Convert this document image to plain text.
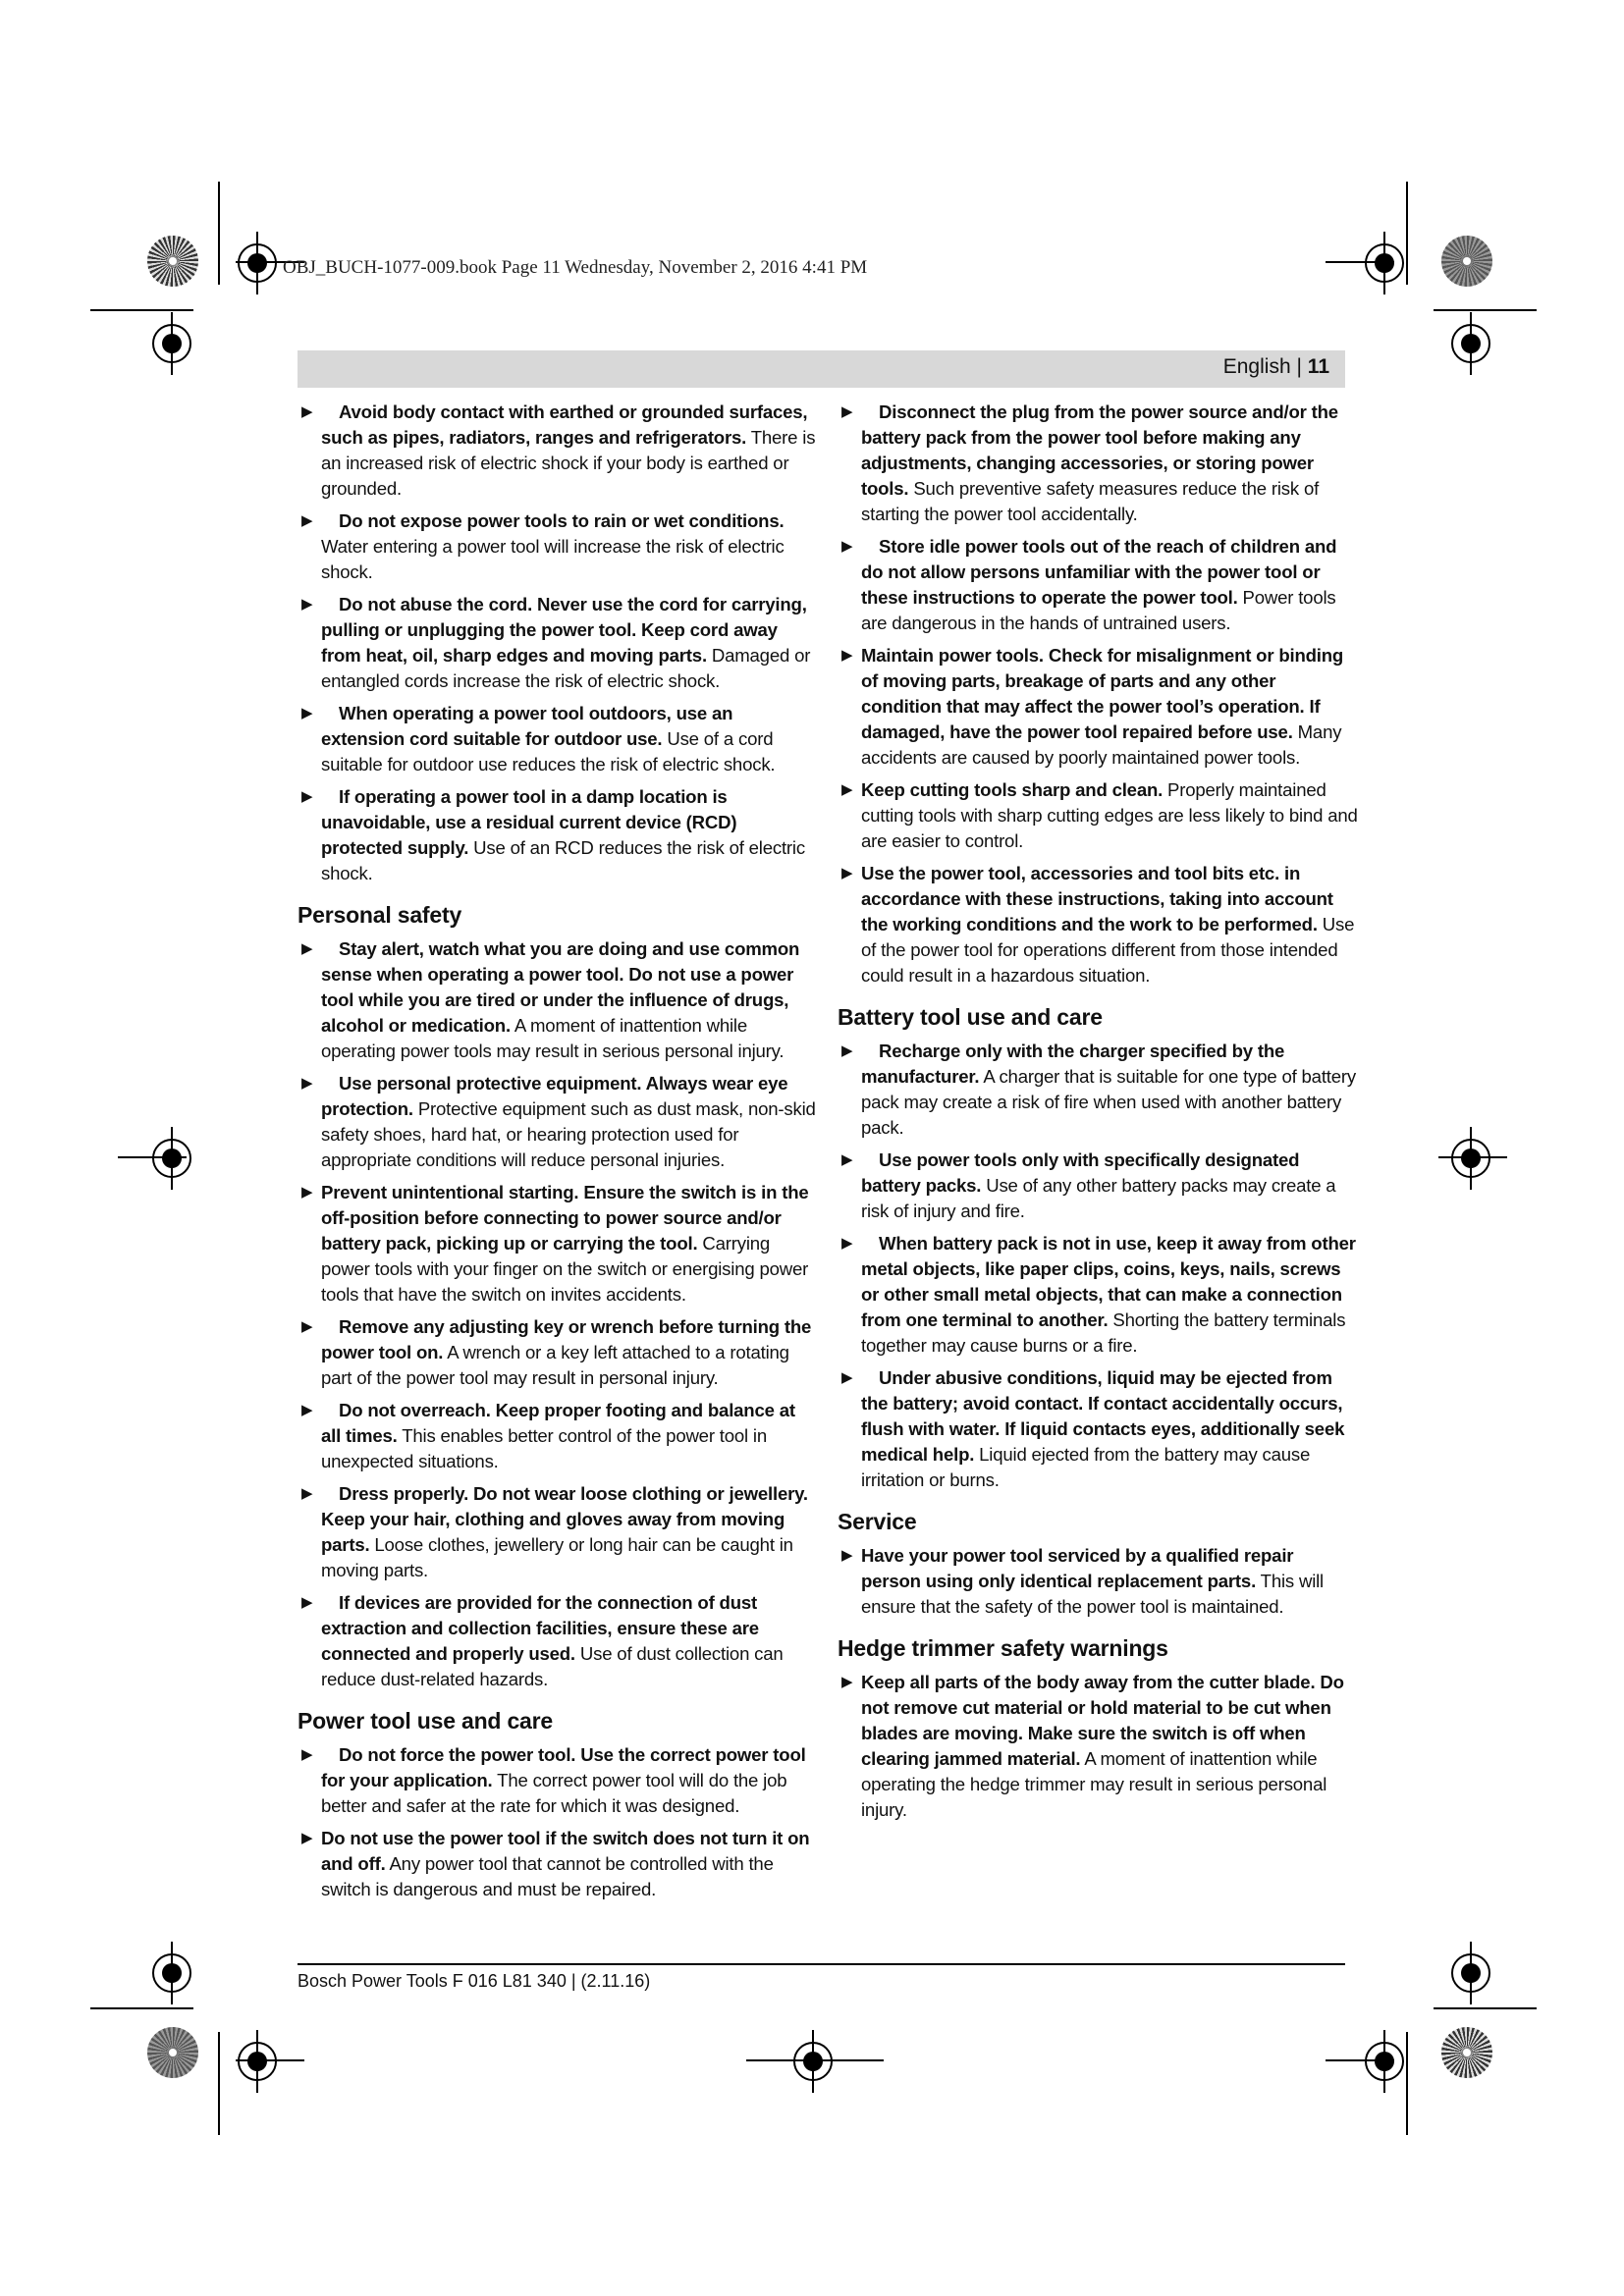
OBJ_BUCH-1077-009.book Page 11 Wednesday, November 2, 2016 4:41 PM
English | 11
▶ Avoid body contact with earthed or grounded surfaces, such as pipes, radiators, ranges and refrigerators. There is an increased risk of electric shock if your body is earthed or grounded.
▶ Do not expose power tools to rain or wet conditions. Water entering a power tool will increase the risk of electric shock.
▶ Do not abuse the cord. Never use the cord for carrying, pulling or unplugging the power tool. Keep cord away from heat, oil, sharp edges and moving parts. Damaged or entangled cords increase the risk of electric shock.
▶ When operating a power tool outdoors, use an extension cord suitable for outdoor use. Use of a cord suitable for outdoor use reduces the risk of electric shock.
▶ If operating a power tool in a damp location is unavoidable, use a residual current device (RCD) protected supply. Use of an RCD reduces the risk of electric shock.
Personal safety
▶ Stay alert, watch what you are doing and use common sense when operating a power tool. Do not use a power tool while you are tired or under the influence of drugs, alcohol or medication. A moment of inattention while operating power tools may result in serious personal injury.
▶ Use personal protective equipment. Always wear eye protection. Protective equipment such as dust mask, non-skid safety shoes, hard hat, or hearing protection used for appropriate conditions will reduce personal injuries.
▶ Prevent unintentional starting. Ensure the switch is in the off-position before connecting to power source and/or battery pack, picking up or carrying the tool. Carrying power tools with your finger on the switch or energising power tools that have the switch on invites accidents.
▶ Remove any adjusting key or wrench before turning the power tool on. A wrench or a key left attached to a rotating part of the power tool may result in personal injury.
▶ Do not overreach. Keep proper footing and balance at all times. This enables better control of the power tool in unexpected situations.
▶ Dress properly. Do not wear loose clothing or jewellery. Keep your hair, clothing and gloves away from moving parts. Loose clothes, jewellery or long hair can be caught in moving parts.
▶ If devices are provided for the connection of dust extraction and collection facilities, ensure these are connected and properly used. Use of dust collection can reduce dust-related hazards.
Power tool use and care
▶ Do not force the power tool. Use the correct power tool for your application. The correct power tool will do the job better and safer at the rate for which it was designed.
▶ Do not use the power tool if the switch does not turn it on and off. Any power tool that cannot be controlled with the switch is dangerous and must be repaired.
▶ Disconnect the plug from the power source and/or the battery pack from the power tool before making any adjustments, changing accessories, or storing power tools. Such preventive safety measures reduce the risk of starting the power tool accidentally.
▶ Store idle power tools out of the reach of children and do not allow persons unfamiliar with the power tool or these instructions to operate the power tool. Power tools are dangerous in the hands of untrained users.
▶ Maintain power tools. Check for misalignment or binding of moving parts, breakage of parts and any other condition that may affect the power tool’s operation. If damaged, have the power tool repaired before use. Many accidents are caused by poorly maintained power tools.
▶ Keep cutting tools sharp and clean. Properly maintained cutting tools with sharp cutting edges are less likely to bind and are easier to control.
▶ Use the power tool, accessories and tool bits etc. in accordance with these instructions, taking into account the working conditions and the work to be performed. Use of the power tool for operations different from those intended could result in a hazardous situation.
Battery tool use and care
▶ Recharge only with the charger specified by the manufacturer. A charger that is suitable for one type of battery pack may create a risk of fire when used with another battery pack.
▶ Use power tools only with specifically designated battery packs. Use of any other battery packs may create a risk of injury and fire.
▶ When battery pack is not in use, keep it away from other metal objects, like paper clips, coins, keys, nails, screws or other small metal objects, that can make a connection from one terminal to another. Shorting the battery terminals together may cause burns or a fire.
▶ Under abusive conditions, liquid may be ejected from the battery; avoid contact. If contact accidentally occurs, flush with water. If liquid contacts eyes, additionally seek medical help. Liquid ejected from the battery may cause irritation or burns.
Service
▶ Have your power tool serviced by a qualified repair person using only identical replacement parts. This will ensure that the safety of the power tool is maintained.
Hedge trimmer safety warnings
▶ Keep all parts of the body away from the cutter blade. Do not remove cut material or hold material to be cut when blades are moving. Make sure the switch is off when clearing jammed material. A moment of inattention while operating the hedge trimmer may result in serious personal injury.
Bosch Power Tools F 016 L81 340 | (2.11.16)
